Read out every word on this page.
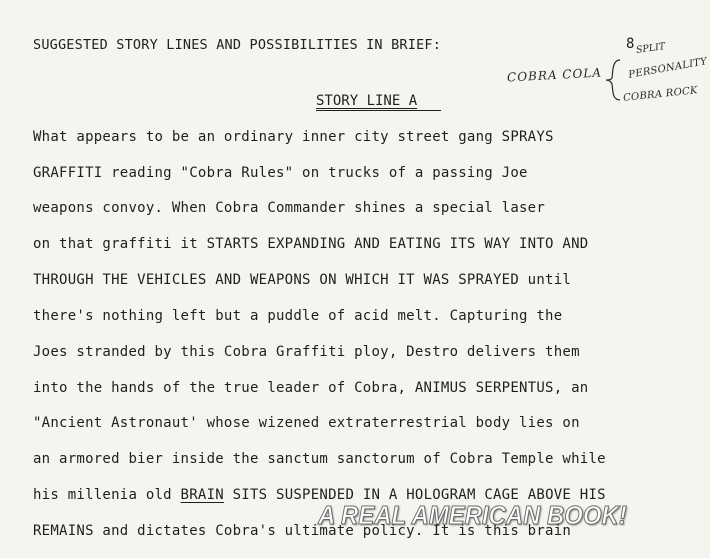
SUGGESTED STORY LINES AND POSSIBILITIES IN BRIEF:	8
COBRA COLA
SPLIT
PERSONALITY
COBRA ROCK
STORY LINE A
What appears to be an ordinary inner city street gang SPRAYS
GRAFFITI reading "Cobra Rules" on trucks of a passing Joe
weapons convoy. When Cobra Commander shines a special laser
on that graffiti it STARTS EXPANDING AND EATING ITS WAY INTO AND
THROUGH THE VEHICLES AND WEAPONS ON WHICH IT WAS SPRAYED until
there's nothing left but a puddle of acid melt. Capturing the
Joes stranded by this Cobra Graffiti ploy, Destro delivers them
into the hands of the true leader of Cobra, ANIMUS SERPENTUS, an
"Ancient Astronaut' whose wizened extraterrestrial body lies on
an armored bier inside the sanctum sanctorum of Cobra Temple while
his millenia old BRAIN SITS SUSPENDED IN A HOLOGRAM CAGE ABOVE HIS
REMAINS and dictates Cobra's ultimate policy. It is this brain
A REAL AMERICAN BOOK!
